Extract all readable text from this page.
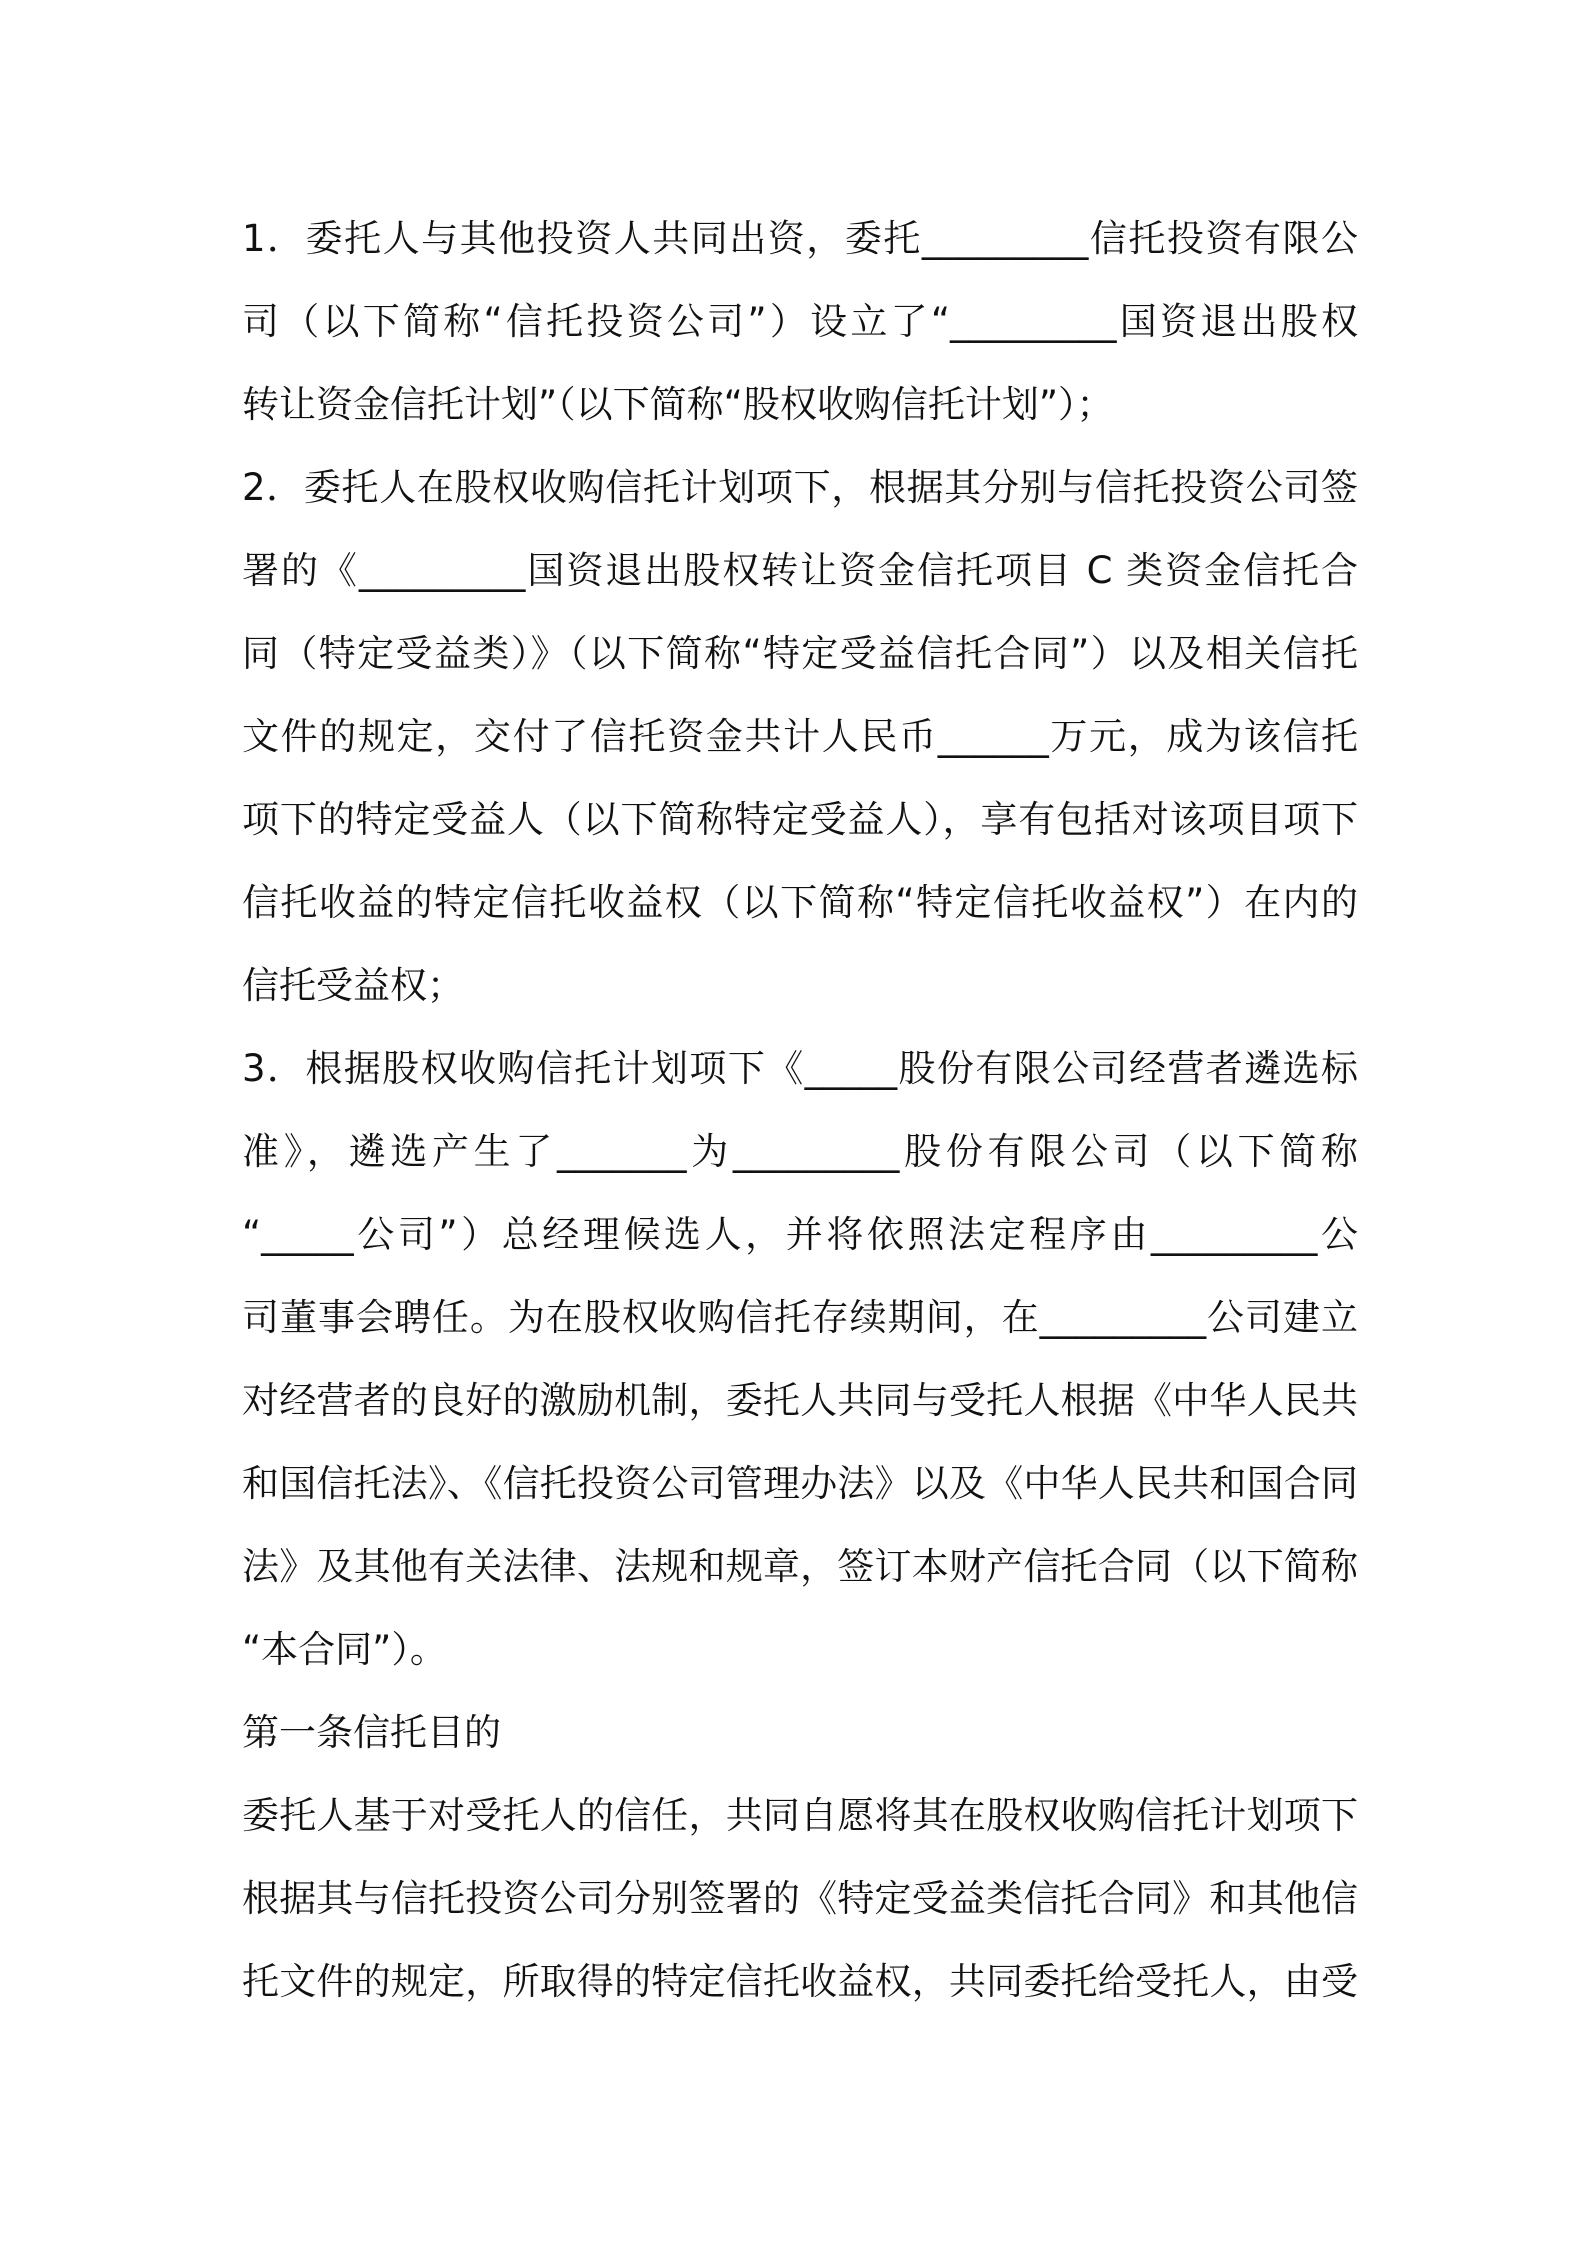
1．委托人与其他投资人共同出资，委托_________信托投资有限公
司（以下简称“信托投资公司”）设立了“_________国资退出股权
转让资金信托计划”（以下简称“股权收购信托计划”）；
2．委托人在股权收购信托计划项下，根据其分别与信托投资公司签
署的《_________国资退出股权转让资金信托项目 C 类资金信托合
同（特定受益类）》（以下简称“特定受益信托合同”）以及相关信托
文件的规定，交付了信托资金共计人民币______万元，成为该信托
项下的特定受益人（以下简称特定受益人），享有包括对该项目项下
信托收益的特定信托收益权（以下简称“特定信托收益权”）在内的
信托受益权；
3．根据股权收购信托计划项下《_____股份有限公司经营者遴选标
准》，遴选产生了_______为_________股份有限公司（以下简称
“_____公司”）总经理候选人，并将依照法定程序由_________公
司董事会聘任。为在股权收购信托存续期间，在_________公司建立
对经营者的良好的激励机制，委托人共同与受托人根据《中华人民共
和国信托法》、《信托投资公司管理办法》以及《中华人民共和国合同
法》及其他有关法律、法规和规章，签订本财产信托合同（以下简称
“本合同”）。
第一条信托目的
委托人基于对受托人的信任，共同自愿将其在股权收购信托计划项下
根据其与信托投资公司分别签署的《特定受益类信托合同》和其他信
托文件的规定，所取得的特定信托收益权，共同委托给受托人，由受
